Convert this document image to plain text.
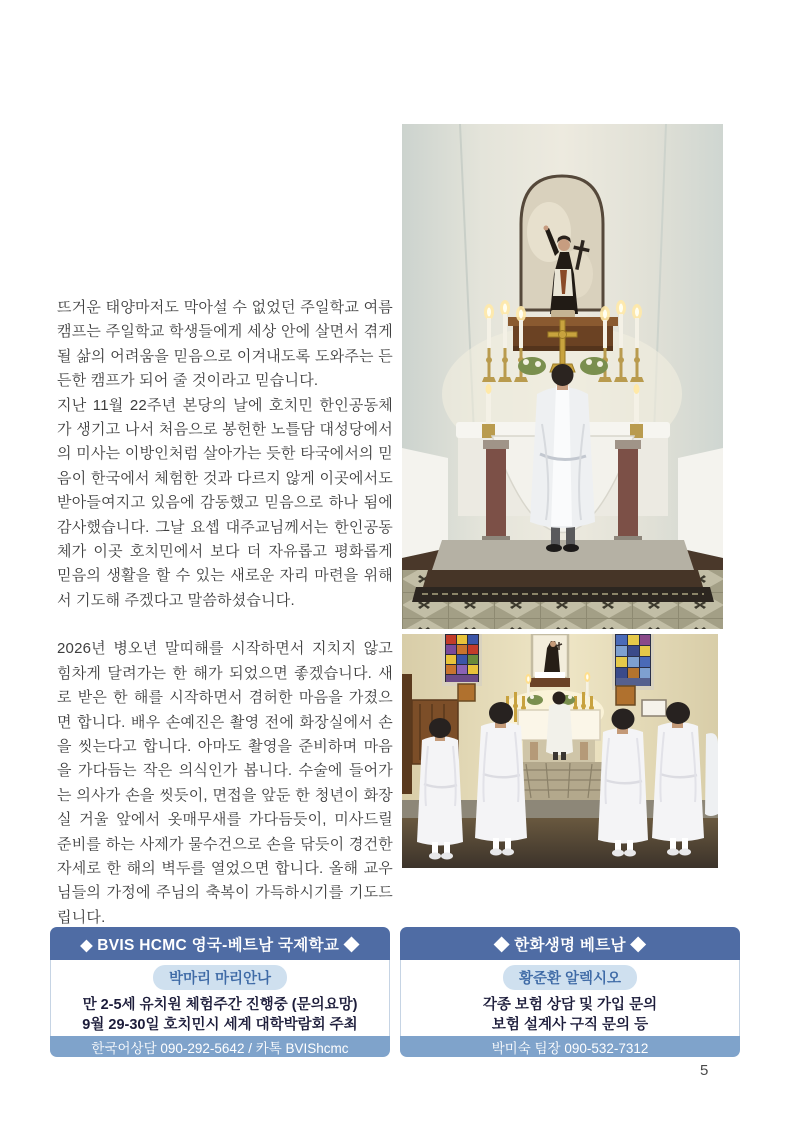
뜨거운 태양마저도 막아설 수 없었던 주일학교 여름 캠프는 주일학교 학생들에게 세상 안에 살면서 겪게 될 삶의 어려움을 믿음으로 이겨내도록 도와주는 든든한 캠프가 되어 줄 것이라고 믿습니다.

지난 11월 22주년 본당의 날에 호치민 한인공동체가 생기고 나서 처음으로 봉헌한 노틀담 대성당에서의 미사는 이방인처럼 살아가는 듯한 타국에서의 믿음이 한국에서 체험한 것과 다르지 않게 이곳에서도 받아들여지고 있음에 감동했고 믿음으로 하나 됨에 감사했습니다. 그날 요셉 대주교님께서는 한인공동체가 이곳 호치민에서 보다 더 자유롭고 평화롭게 믿음의 생활을 할 수 있는 새로운 자리 마련을 위해서 기도해 주겠다고 말씀하셨습니다.

2026년 병오년 말띠해를 시작하면서 지치지 않고 힘차게 달려가는 한 해가 되었으면 좋겠습니다. 새로 받은 한 해를 시작하면서 겸허한 마음을 가졌으면 합니다. 배우 손예진은 촬영 전에 화장실에서 손을 씻는다고 합니다. 아마도 촬영을 준비하며 마음을 가다듬는 작은 의식인가 봅니다. 수술에 들어가는 의사가 손을 씻듯이, 면접을 앞둔 한 청년이 화장실 거울 앞에서 옷매무새를 가다듬듯이, 미사드릴 준비를 하는 사제가 물수건으로 손을 닦듯이 경건한 자세로 한 해의 벽두를 열었으면 합니다. 올해 교우님들의 가정에 주님의 축복이 가득하시기를 기도드립니다.

◆ BVIS HCMC 영국-베트남 국제학교 ◆
박마리 마리안나
만 2-5세 유치원 체험주간 진행중 (문의요망)
9월 29-30일 호치민시 세계 대학박람회 주최
한국어상담 090-292-5642 / 카톡 BVIShcmc
◆ 한화생명 베트남 ◆
황준환 알렉시오
각종 보험 상담 및 가입 문의
보험 설계사 구직 문의 등
박미숙 팀장 090-532-7312
5
